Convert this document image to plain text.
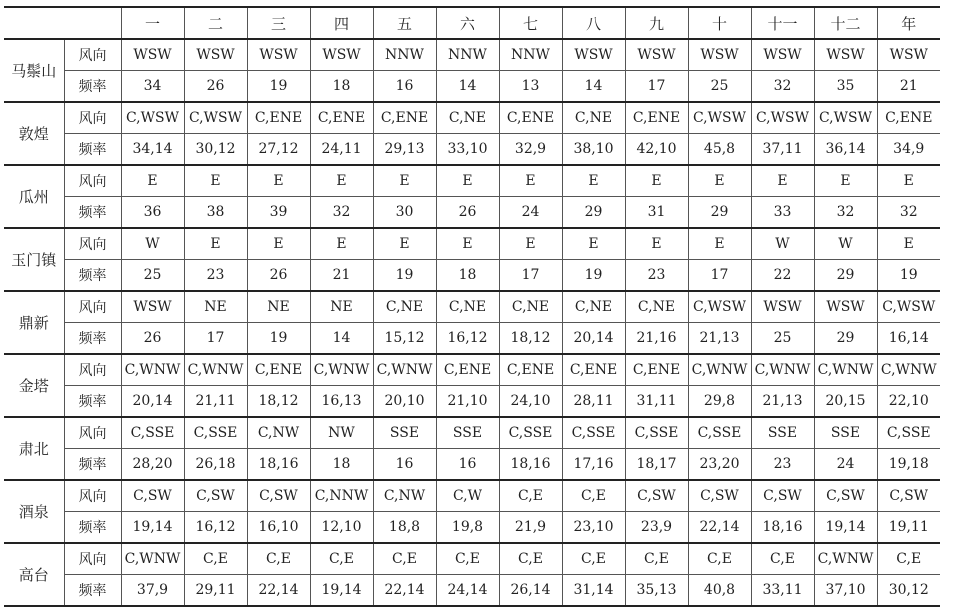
		一	二	三	四	五	六	七	八	九	十	十一	十二	年
马鬃山	风向	WSW	WSW	WSW	WSW	NNW	NNW	NNW	WSW	WSW	WSW	WSW	WSW	WSW
	频率	34	26	19	18	16	14	13	14	17	25	32	35	21
敦煌	风向	C,WSW	C,WSW	C,ENE	C,ENE	C,ENE	C,NE	C,ENE	C,NE	C,ENE	C,WSW	C,WSW	C,WSW	C,ENE
	频率	34,14	30,12	27,12	24,11	29,13	33,10	32,9	38,10	42,10	45,8	37,11	36,14	34,9
瓜州	风向	E	E	E	E	E	E	E	E	E	E	E	E	E
	频率	36	38	39	32	30	26	24	29	31	29	33	32	32
玉门镇	风向	W	E	E	E	E	E	E	E	E	E	W	W	E
	频率	25	23	26	21	19	18	17	19	23	17	22	29	19
鼎新	风向	WSW	NE	NE	NE	C,NE	C,NE	C,NE	C,NE	C,NE	C,WSW	WSW	WSW	C,WSW
	频率	26	17	19	14	15,12	16,12	18,12	20,14	21,16	21,13	25	29	16,14
金塔	风向	C,WNW	C,WNW	C,ENE	C,WNW	C,WNW	C,ENE	C,ENE	C,ENE	C,ENE	C,WNW	C,WNW	C,WNW	C,WNW
	频率	20,14	21,11	18,12	16,13	20,10	21,10	24,10	28,11	31,11	29,8	21,13	20,15	22,10
肃北	风向	C,SSE	C,SSE	C,NW	NW	SSE	SSE	C,SSE	C,SSE	C,SSE	C,SSE	SSE	SSE	C,SSE
	频率	28,20	26,18	18,16	18	16	16	18,16	17,16	18,17	23,20	23	24	19,18
酒泉	风向	C,SW	C,SW	C,SW	C,NNW	C,NW	C,W	C,E	C,E	C,SW	C,SW	C,SW	C,SW	C,SW
	频率	19,14	16,12	16,10	12,10	18,8	19,8	21,9	23,10	23,9	22,14	18,16	19,14	19,11
高台	风向	C,WNW	C,E	C,E	C,E	C,E	C,E	C,E	C,E	C,E	C,E	C,E	C,WNW	C,E
	频率	37,9	29,11	22,14	19,14	22,14	24,14	26,14	31,14	35,13	40,8	33,11	37,10	30,12
